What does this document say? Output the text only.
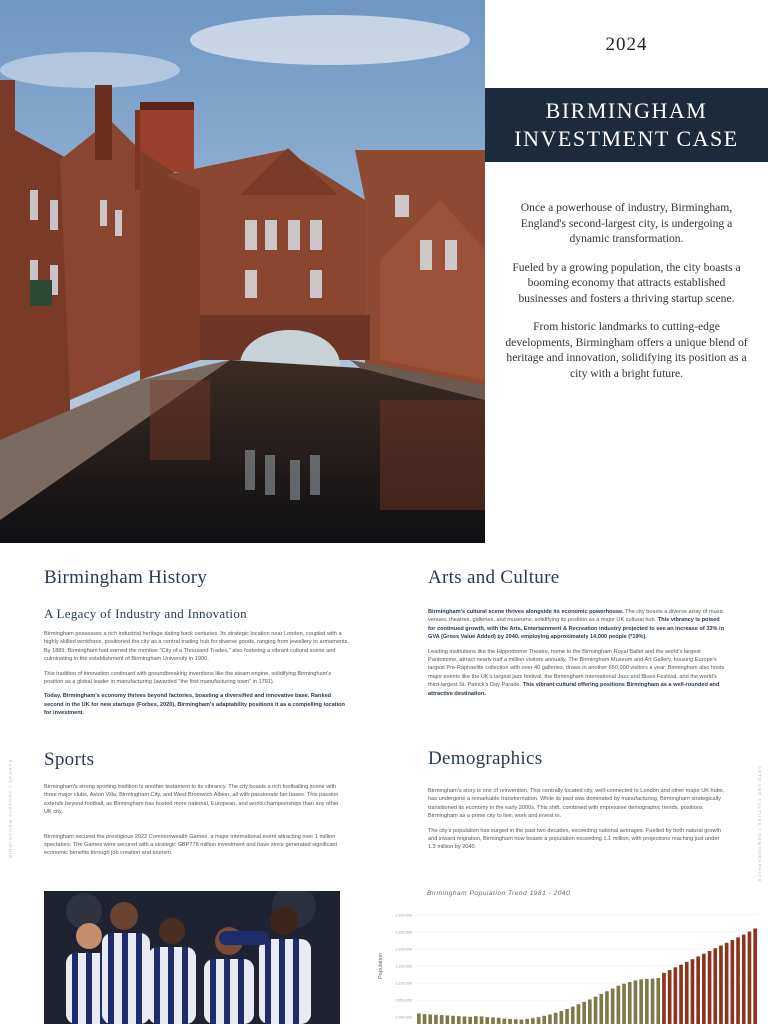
2024
BIRMINGHAM
INVESTMENT CASE

Once a powerhouse of industry, Birmingham, England's second-largest city, is undergoing a dynamic transformation.

Fueled by a growing population, the city boasts a booming economy that attracts established businesses and fosters a thriving startup scene.

From historic landmarks to cutting-edge developments, Birmingham offers a unique blend of heritage and innovation, solidifying its position as a city with a bright future.

Birmingham History
A Legacy of Industry and Innovation

Birmingham possesses a rich industrial heritage dating back centuries. Its strategic location near London, coupled with a highly skilled workforce, positioned the city as a central trading hub for diverse goods, ranging from jewellery to armaments. By 1889, Birmingham had earned the moniker "City of a Thousand Trades," also fostering a vibrant cultural scene and culminating in the establishment of Birmingham University in 1900.

This tradition of innovation continued with groundbreaking inventions like the steam engine, solidifying Birmingham's position as a global leader in manufacturing (awarded "the first manufacturing town" in 1791).

Today, Birmingham's economy thrives beyond factories, boasting a diversified and innovative base. Ranked second in the UK for new startups (Forbes, 2020), Birmingham's adaptability positions it as a compelling location for investment.

Arts and Culture

Birmingham's cultural scene thrives alongside its economic powerhouse. The city boasts a diverse array of music venues, theatres, galleries, and museums, solidifying its position as a major UK cultural hub. This vibrancy is poised for continued growth, with the Arts, Entertainment & Recreation industry projected to see an increase of 33% in GVA (Gross Value Added) by 2040, employing approximately 14,000 people (*19%).

Leading institutions like the Hippodrome Theatre, home to the Birmingham Royal Ballet and the world's largest Pantomime, attract nearly half a million visitors annually. The Birmingham Museum and Art Gallery, housing Europe's largest Pre-Raphaelite collection with over 40 galleries, draws in another 650,000 visitors a year. Birmingham also hosts major events like the UK's largest jazz festival, the Birmingham International Jazz and Blues Festival, and the world's third-largest St. Patrick's Day Parade. This vibrant cultural offering positions Birmingham as a well-rounded and attractive destination.

Sports

Birmingham's strong sporting tradition is another testament to its vibrancy. The city boasts a rich footballing scene with three major clubs, Aston Villa, Birmingham City, and West Bromwich Albion, all with passionate fan bases. This passion extends beyond football, as Birmingham has hosted more national, European, and world championships than any other UK city.

Birmingham secured the prestigious 2022 Commonwealth Games, a major international event attracting over 1 million spectators. The Games were secured with a strategic GBP778 million investment and have since generated significant economic benefits through job creation and tourism.

Demographics

Birmingham's story is one of reinvention. This centrally located city, well-connected to London and other major UK hubs, has undergone a remarkable transformation. While its past was dominated by manufacturing, Birmingham strategically transitioned its economy in the early 2000s. This shift, combined with impressive demographic trends, positions Birmingham as a prime city to live, work and invest in.

The city's population has surged in the past two decades, exceeding national averages. Fuelled by both natural growth and inward migration, Birmingham now boasts a population exceeding 1.1 million, with projections reaching just under 1.3 million by 2040.

BIRMINGHAM HISTORY / SPORTS	ARTS AND CULTURE / DEMOGRAPHICS
Birmingham Population Trend 1981 - 2040
Population
1,000,000
1,050,000
1,100,000
1,150,000
1,200,000
1,250,000
1,300,000
